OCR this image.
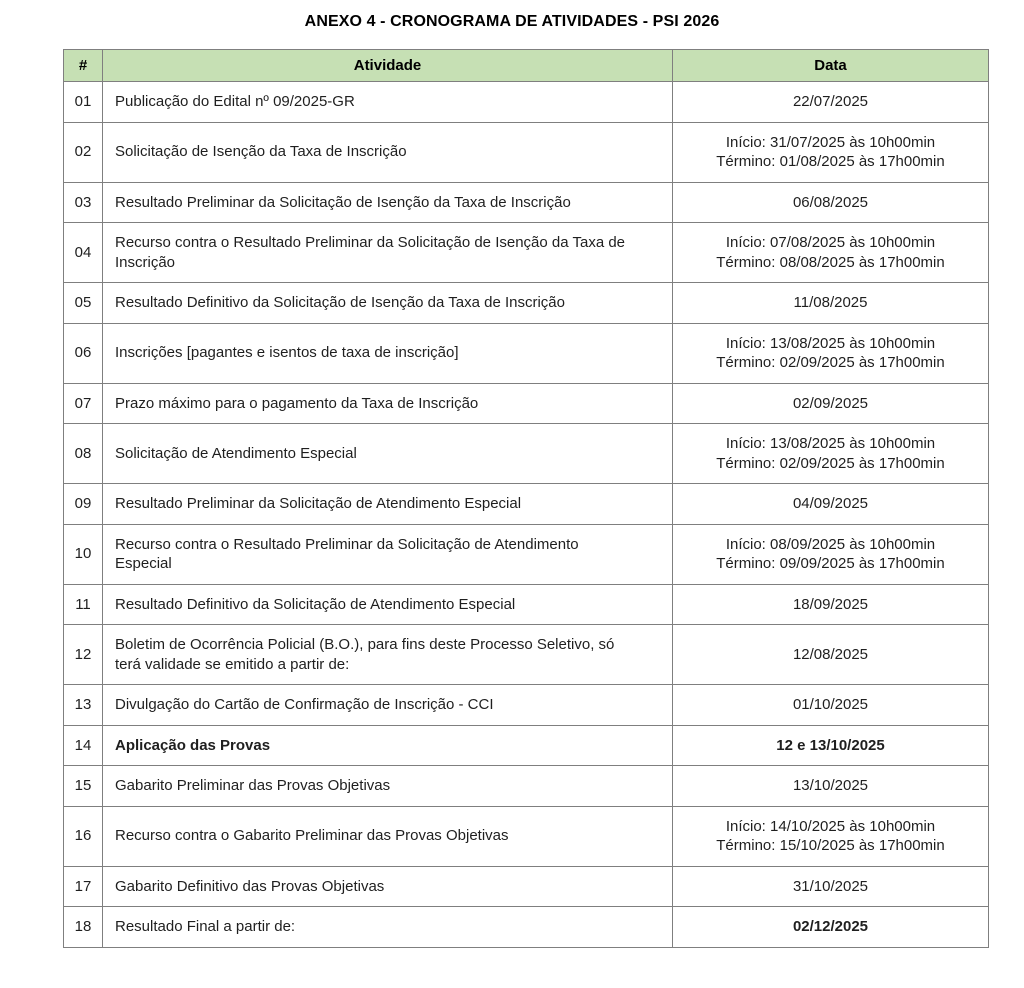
ANEXO 4 - CRONOGRAMA DE ATIVIDADES - PSI 2026
#	Atividade	Data
01	Publicação do Edital nº 09/2025-GR	22/07/2025

02	Solicitação de Isenção da Taxa de Inscrição	Início: 31/07/2025 às 10h00min
Término: 01/08/2025 às 17h00min

03	Resultado Preliminar da Solicitação de Isenção da Taxa de Inscrição	06/08/2025

04	Recurso contra o Resultado Preliminar da Solicitação de Isenção da Taxa de Inscrição	Início: 07/08/2025 às 10h00min
Término: 08/08/2025 às 17h00min

05	Resultado Definitivo da Solicitação de Isenção da Taxa de Inscrição	11/08/2025

06	Inscrições [pagantes e isentos de taxa de inscrição]	Início: 13/08/2025 às 10h00min
Término: 02/09/2025 às 17h00min

07	Prazo máximo para o pagamento da Taxa de Inscrição	02/09/2025

08	Solicitação de Atendimento Especial	Início: 13/08/2025 às 10h00min
Término: 02/09/2025 às 17h00min

09	Resultado Preliminar da Solicitação de Atendimento Especial	04/09/2025

10	Recurso contra o Resultado Preliminar da Solicitação de Atendimento Especial	Início: 08/09/2025 às 10h00min
Término: 09/09/2025 às 17h00min

11	Resultado Definitivo da Solicitação de Atendimento Especial	18/09/2025

12	Boletim de Ocorrência Policial (B.O.), para fins deste Processo Seletivo, só terá validade se emitido a partir de:	12/08/2025

13	Divulgação do Cartão de Confirmação de Inscrição - CCI	01/10/2025

14	Aplicação das Provas	12 e 13/10/2025

15	Gabarito Preliminar das Provas Objetivas	13/10/2025

16	Recurso contra o Gabarito Preliminar das Provas Objetivas	Início: 14/10/2025 às 10h00min
Término: 15/10/2025 às 17h00min

17	Gabarito Definitivo das Provas Objetivas	31/10/2025

18	Resultado Final a partir de:	02/12/2025
